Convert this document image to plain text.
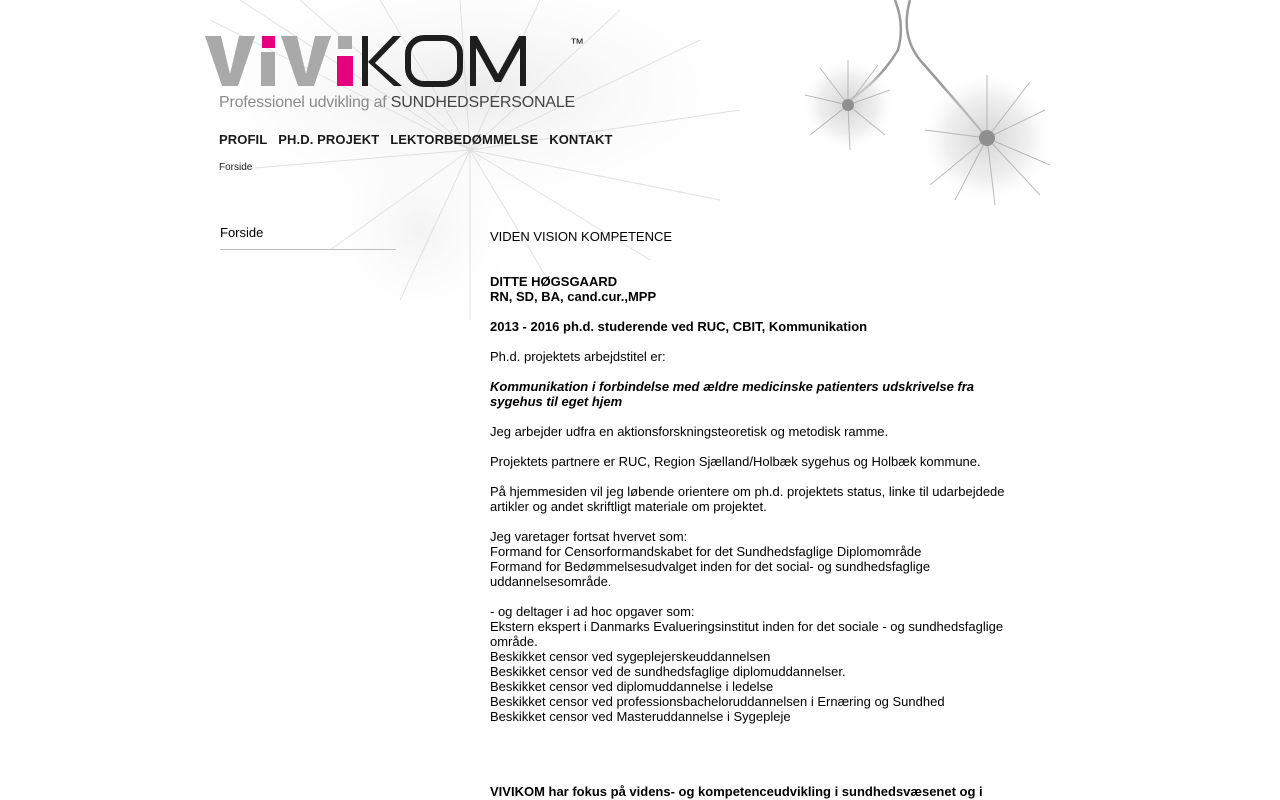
™
Professionel udvikling af SUNDHEDSPERSONALE
PROFIL PH.D. PROJEKT LEKTORBEDØMMELSE KONTAKT
Forside
Forside	VIDEN VISION KOMPETENCE

DITTE HØGSGAARD

RN, SD, BA, cand.cur.,MPP

2013 - 2016 ph.d. studerende ved RUC, CBIT, Kommunikation

Ph.d. projektets arbejdstitel er:

Kommunikation i forbindelse med ældre medicinske patienters udskrivelse fra sygehus til eget hjem

Jeg arbejder udfra en aktionsforskningsteoretisk og metodisk ramme.

Projektets partnere er RUC, Region Sjælland/Holbæk sygehus og Holbæk kommune.

På hjemmesiden vil jeg løbende orientere om ph.d. projektets status, linke til udarbejdede artikler og andet skriftligt materiale om projektet.

Jeg varetager fortsat hvervet som:

Formand for Censorformandskabet for det Sundhedsfaglige Diplomområde

Formand for Bedømmelsesudvalget inden for det social- og sundhedsfaglige uddannelsesområde.

- og deltager i ad hoc opgaver som:

Ekstern ekspert i Danmarks Evalueringsinstitut inden for det sociale - og sundhedsfaglige område.

Beskikket censor ved sygeplejerskeuddannelsen

Beskikket censor ved de sundhedsfaglige diplomuddannelser.

Beskikket censor ved diplomuddannelse i ledelse

Beskikket censor ved professionsbacheloruddannelsen i Ernæring og Sundhed

Beskikket censor ved Masteruddannelse i Sygepleje

VIVIKOM har fokus på videns- og kompetenceudvikling i sundhedsvæsenet og i
